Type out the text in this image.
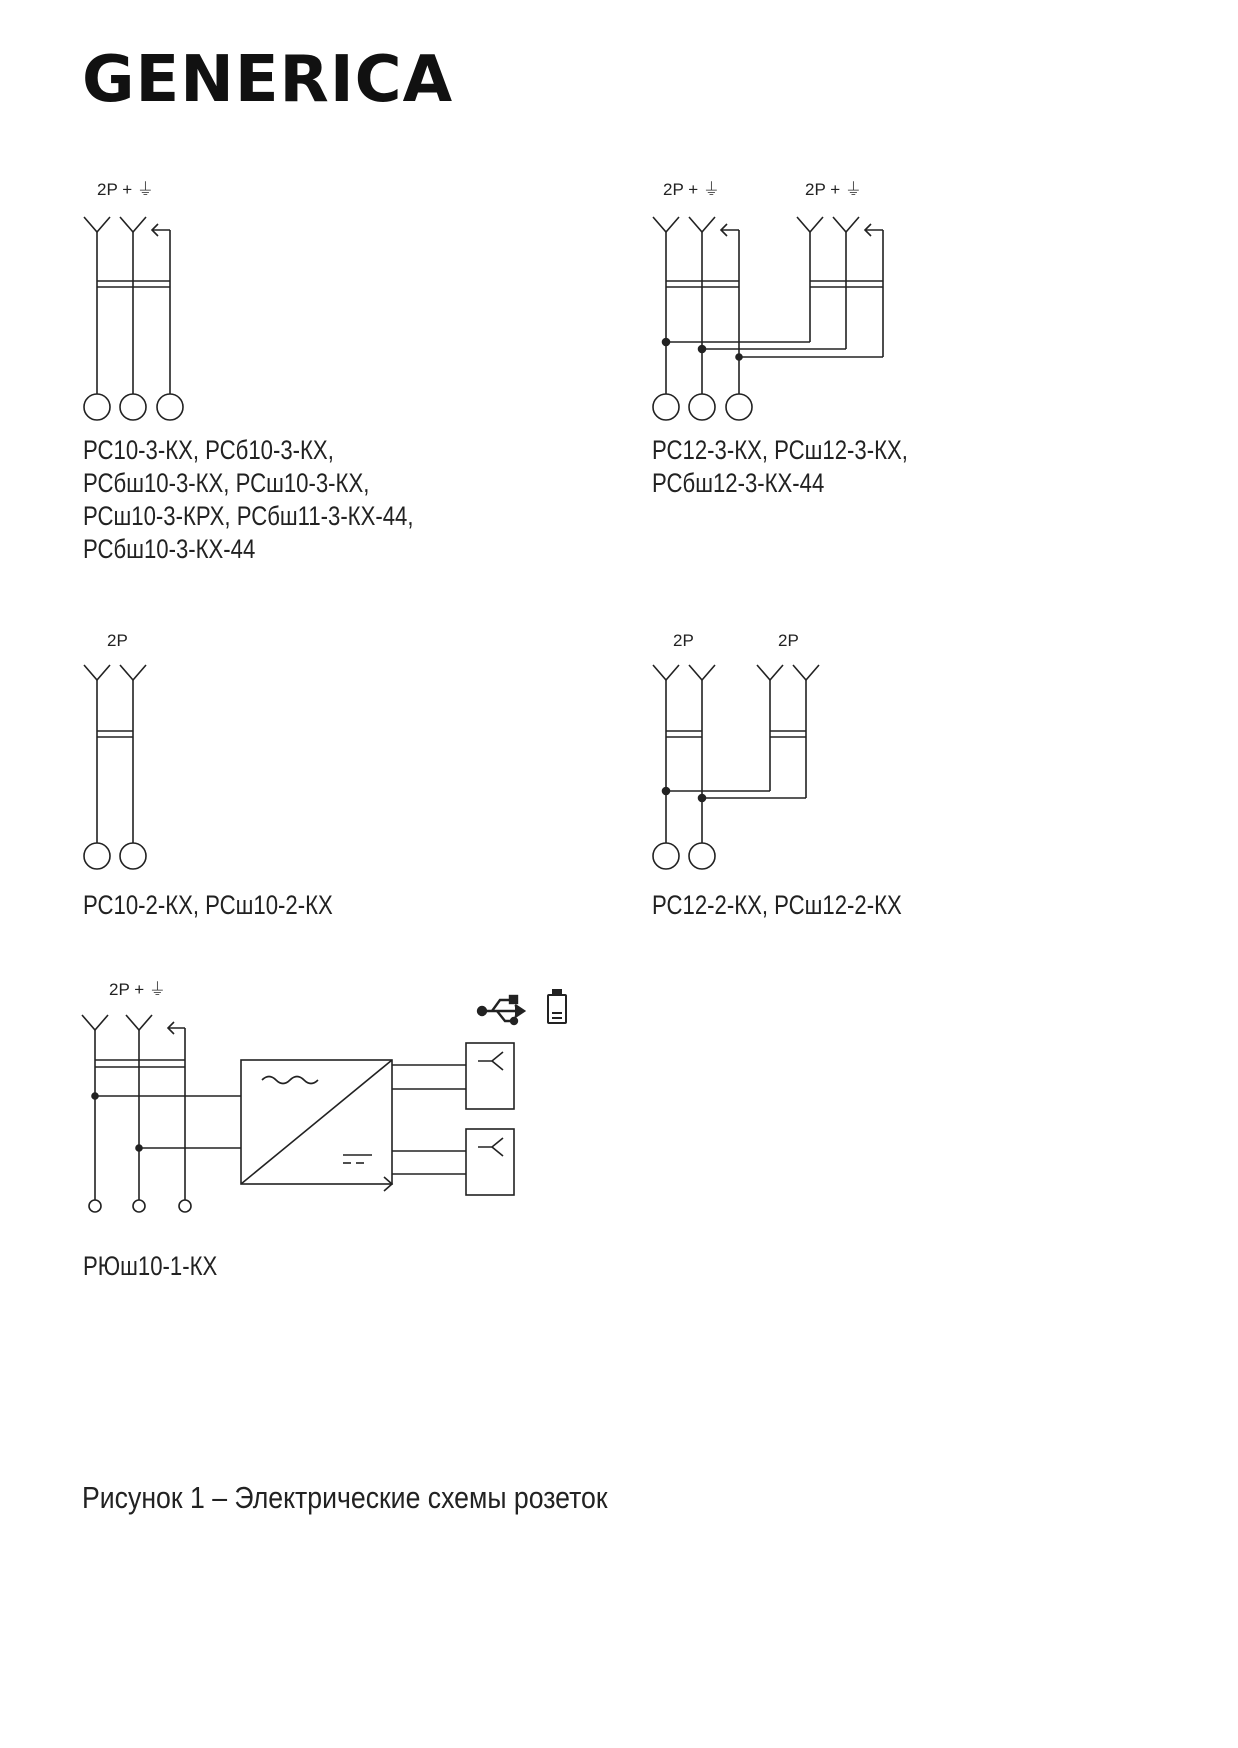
GENERICA
2P + ⏚	2P + ⏚	2P + ⏚
2P	2P	2P
2P + ⏚
РС10-3-КХ, РСб10-3-КХ,
РСбш10-3-КХ, РСш10-3-КХ,
РСш10-3-КРХ, РСбш11-3-КХ-44,
РСбш10-3-КХ-44
РС12-3-КХ, РСш12-3-КХ,
РСбш12-3-КХ-44
РС10-2-КХ, РСш10-2-КХ	РС12-2-КХ, РСш12-2-КХ
РЮш10-1-КХ
Рисунок 1 – Электрические схемы розеток
